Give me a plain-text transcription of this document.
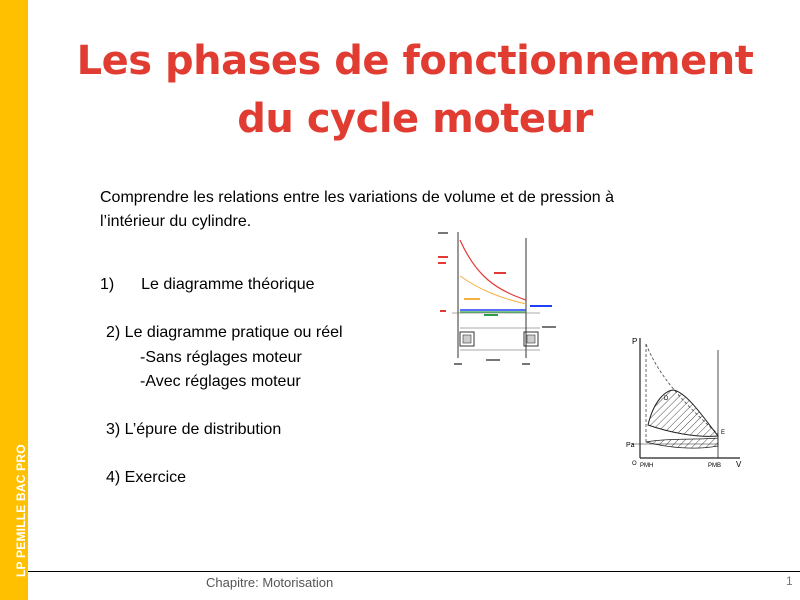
LP PEMILLE BAC PRO
Les phases de fonctionnement
du cycle moteur
Comprendre les relations entre les variations de volume et de pression à
l’intérieur du cylindre.
1) Le diagramme théorique
2) Le diagramme pratique ou réel
-Sans réglages moteur
-Avec réglages moteur
3) L’épure de distribution
4) Exercice
P
V
Pa
O PMH	PMB
D
E
Chapitre: Motorisation	1
